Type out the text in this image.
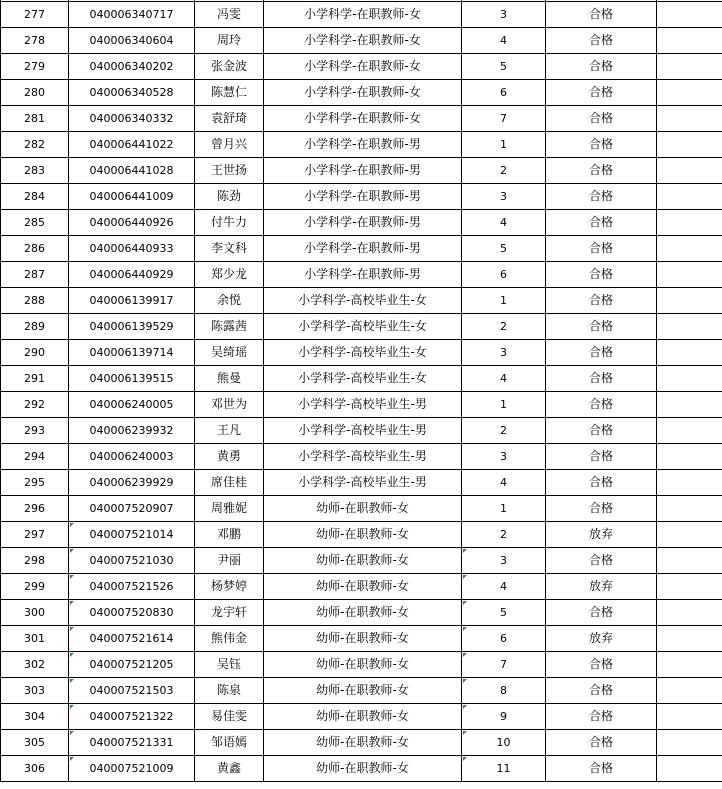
277	040006340717	冯雯	小学科学-在职教师-女	3	合格	
278	040006340604	周玲	小学科学-在职教师-女	4	合格	
279	040006340202	张金波	小学科学-在职教师-女	5	合格	
280	040006340528	陈慧仁	小学科学-在职教师-女	6	合格	
281	040006340332	袁舒琦	小学科学-在职教师-女	7	合格	
282	040006441022	曾月兴	小学科学-在职教师-男	1	合格	
283	040006441028	王世扬	小学科学-在职教师-男	2	合格	
284	040006441009	陈劲	小学科学-在职教师-男	3	合格	
285	040006440926	付牛力	小学科学-在职教师-男	4	合格	
286	040006440933	李文科	小学科学-在职教师-男	5	合格	
287	040006440929	郑少龙	小学科学-在职教师-男	6	合格	
288	040006139917	余悦	小学科学-高校毕业生-女	1	合格	
289	040006139529	陈露茜	小学科学-高校毕业生-女	2	合格	
290	040006139714	吴绮瑶	小学科学-高校毕业生-女	3	合格	
291	040006139515	熊曼	小学科学-高校毕业生-女	4	合格	
292	040006240005	邓世为	小学科学-高校毕业生-男	1	合格	
293	040006239932	王凡	小学科学-高校毕业生-男	2	合格	
294	040006240003	黄勇	小学科学-高校毕业生-男	3	合格	
295	040006239929	席佳桂	小学科学-高校毕业生-男	4	合格	
296	040007520907	周雅妮	幼师-在职教师-女	1	合格	
297	040007521014	邓鹏	幼师-在职教师-女	2	放弃	
298	040007521030	尹丽	幼师-在职教师-女	3	合格	
299	040007521526	杨梦婷	幼师-在职教师-女	4	放弃	
300	040007520830	龙宇轩	幼师-在职教师-女	5	合格	
301	040007521614	熊伟金	幼师-在职教师-女	6	放弃	
302	040007521205	吴钰	幼师-在职教师-女	7	合格	
303	040007521503	陈泉	幼师-在职教师-女	8	合格	
304	040007521322	易佳雯	幼师-在职教师-女	9	合格	
305	040007521331	邹语嫣	幼师-在职教师-女	10	合格	
306	040007521009	黄鑫	幼师-在职教师-女	11	合格	
